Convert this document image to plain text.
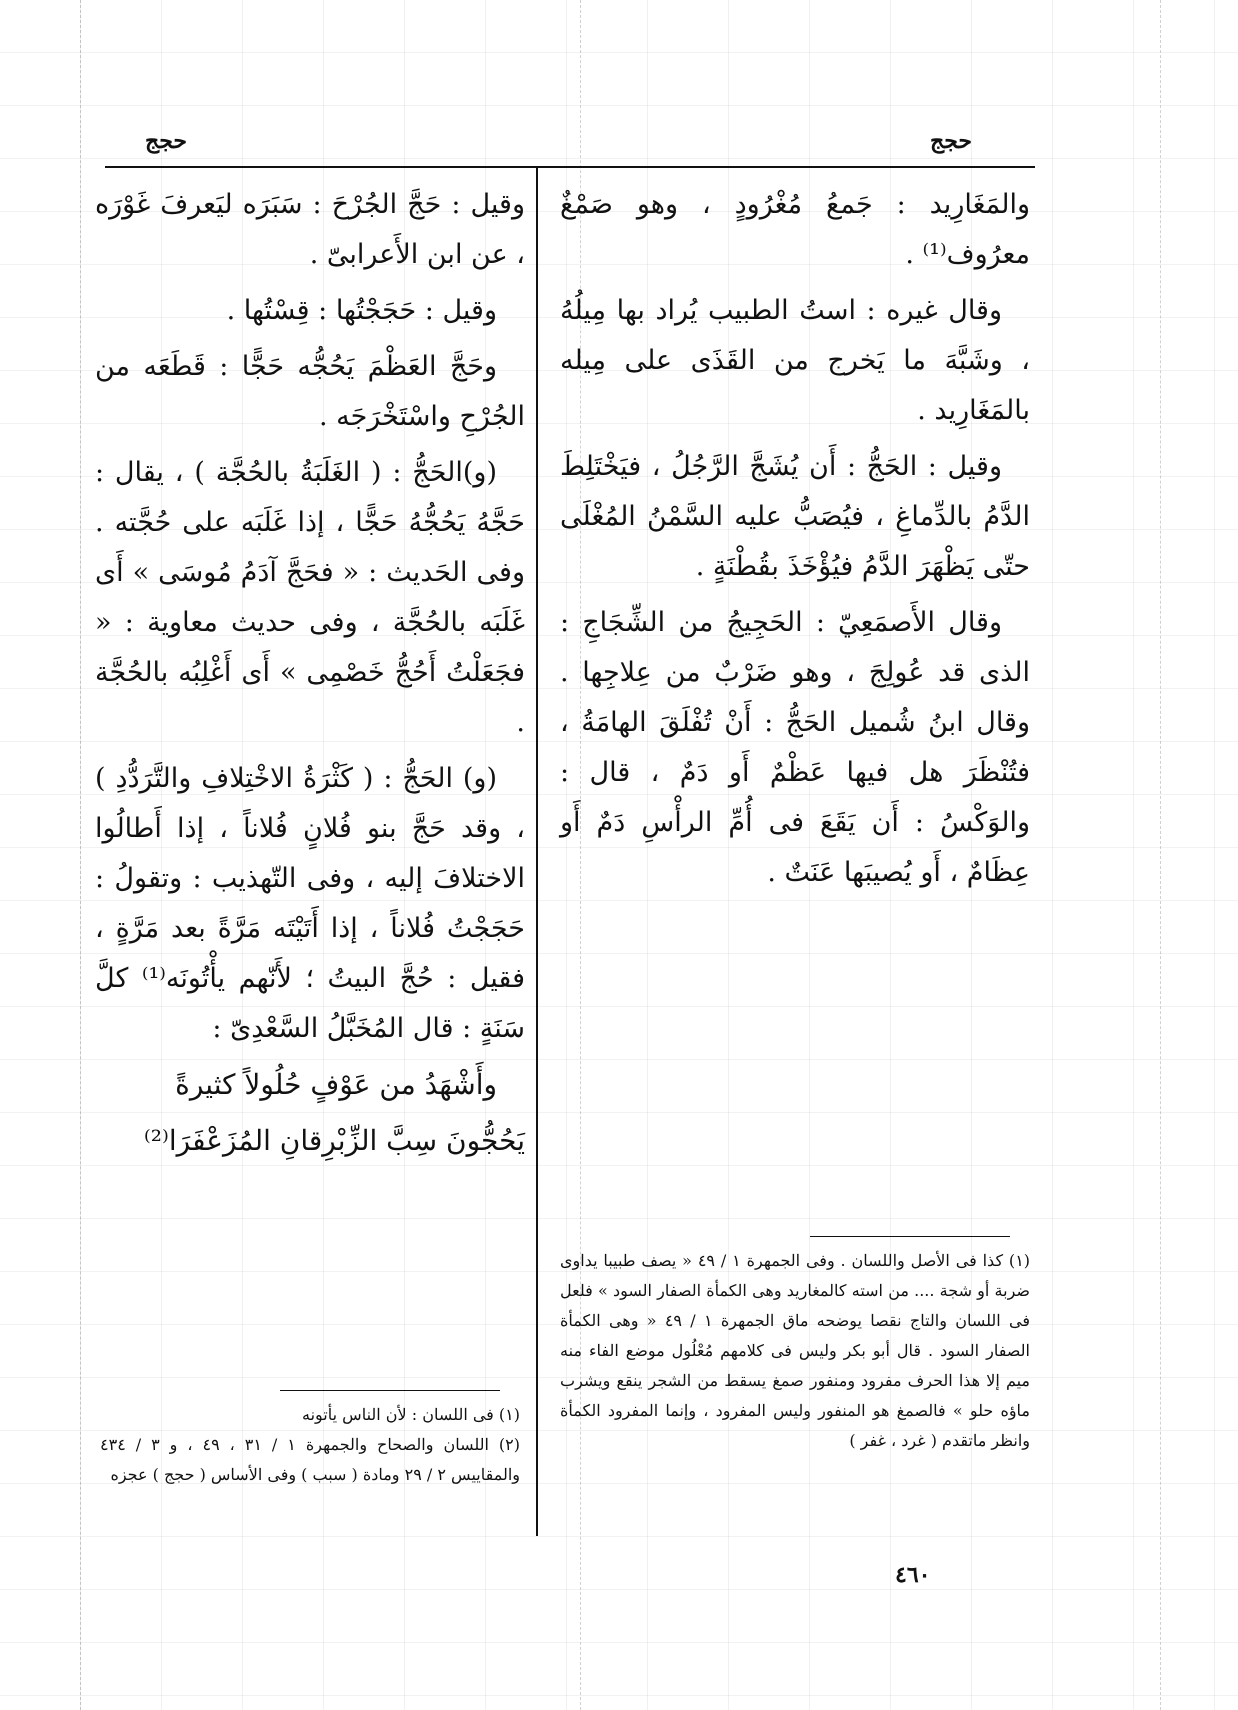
حجج
حجج

والمَغَارِيد : جَمعُ مُغْرُودٍ ، وهو صَمْغٌ معرُوف⁽¹⁾ .

وقال غيره : استُ الطبيب يُراد بها مِيلُهُ ، وشَبَّهَ ما يَخرج من القَذَى على مِيله بالمَغَارِيد .

وقيل : الحَجُّ : أَن يُشَجَّ الرَّجُلُ ، فيَخْتَلِطَ الدَّمُ بالدِّماغِ ، فيُصَبُّ عليه السَّمْنُ المُغْلَى حتّى يَظْهَرَ الدَّمُ فيُؤْخَذَ بقُطْنَةٍ .

وقال الأَصمَعِيّ : الحَجِيجُ من الشِّجَاجِ : الذى قد عُولِجَ ، وهو ضَرْبٌ من عِلاجِها . وقال ابنُ شُميل الحَجُّ : أَنْ تُفْلَقَ الهامَةُ ، فتُنْظَرَ هل فيها عَظْمٌ أَو دَمٌ ، قال : والوَكْسُ : أَن يَقَعَ فى أُمِّ الرأْسِ دَمٌ أَو عِظَامٌ ، أَو يُصيبَها عَنَتٌ .

(١) كذا فى الأصل واللسان . وفى الجمهرة ١ / ٤٩ « يصف طبيبا يداوى ضربة أو شجة .... من استه كالمغاريد وهى الكمأة الصفار السود » فلعل فى اللسان والتاج نقصا يوضحه ماق الجمهرة ١ / ٤٩ « وهى الكمأة الصفار السود . قال أبو بكر وليس فى كلامهم مُعْلُول موضع الفاء منه ميم إلا هذا الحرف مفرود ومنفور صمغ يسقط من الشجر ينقع ويشرب ماؤه حلو » فالصمغ هو المنفور وليس المفرود ، وإنما المفرود الكمأة وانظر ماتقدم ( غرد ، غفر )

وقيل : حَجَّ الجُرْحَ : سَبَرَه ليَعرفَ غَوْرَه ، عن ابن الأَعرابىّ .

وقيل : حَجَجْتُها : قِسْتُها .

وحَجَّ العَظْمَ يَحُجُّه حَجًّا : قَطَعَه من الجُرْحِ واسْتَخْرَجَه .

(و)الحَجُّ : ( الغَلَبَةُ بالحُجَّة ) ، يقال : حَجَّهُ يَحُجُّهُ حَجًّا ، إذا غَلَبَه على حُجَّته . وفى الحَديث : « فحَجَّ آدَمُ مُوسَى » أَى غَلَبَه بالحُجَّة ، وفى حديث معاوية : « فجَعَلْتُ أَحُجُّ خَصْمِى » أَى أَغْلِبُه بالحُجَّة .

(و) الحَجُّ : ( كَثْرَةُ الاخْتِلافِ والتَّرَدُّدِ ) ، وقد حَجَّ بنو فُلانٍ فُلاناً ، إذا أَطالُوا الاختلافَ إليه ، وفى التّهذيب : وتقولُ : حَجَجْتُ فُلاناً ، إذا أَتَيْتَه مَرَّةً بعد مَرَّةٍ ، فقيل : حُجَّ البيتُ ؛ لأَنّهم يأْتُونَه⁽¹⁾ كلَّ سَنَةٍ : قال المُخَبَّلُ السَّعْدِىّ :

وأَشْهَدُ من عَوْفٍ حُلُولاً كثيرةً

يَحُجُّونَ سِبَّ الزِّبْرِقانِ المُزَعْفَرَا⁽²⁾

(١) فى اللسان : لأن الناس يأتونه

(٢) اللسان والصحاح والجمهرة ١ / ٣١ ، ٤٩ ، و ٣ / ٤٣٤ والمقاييس ٢ / ٢٩ ومادة ( سبب ) وفى الأساس ( حجج ) عجزه

٤٦٠
